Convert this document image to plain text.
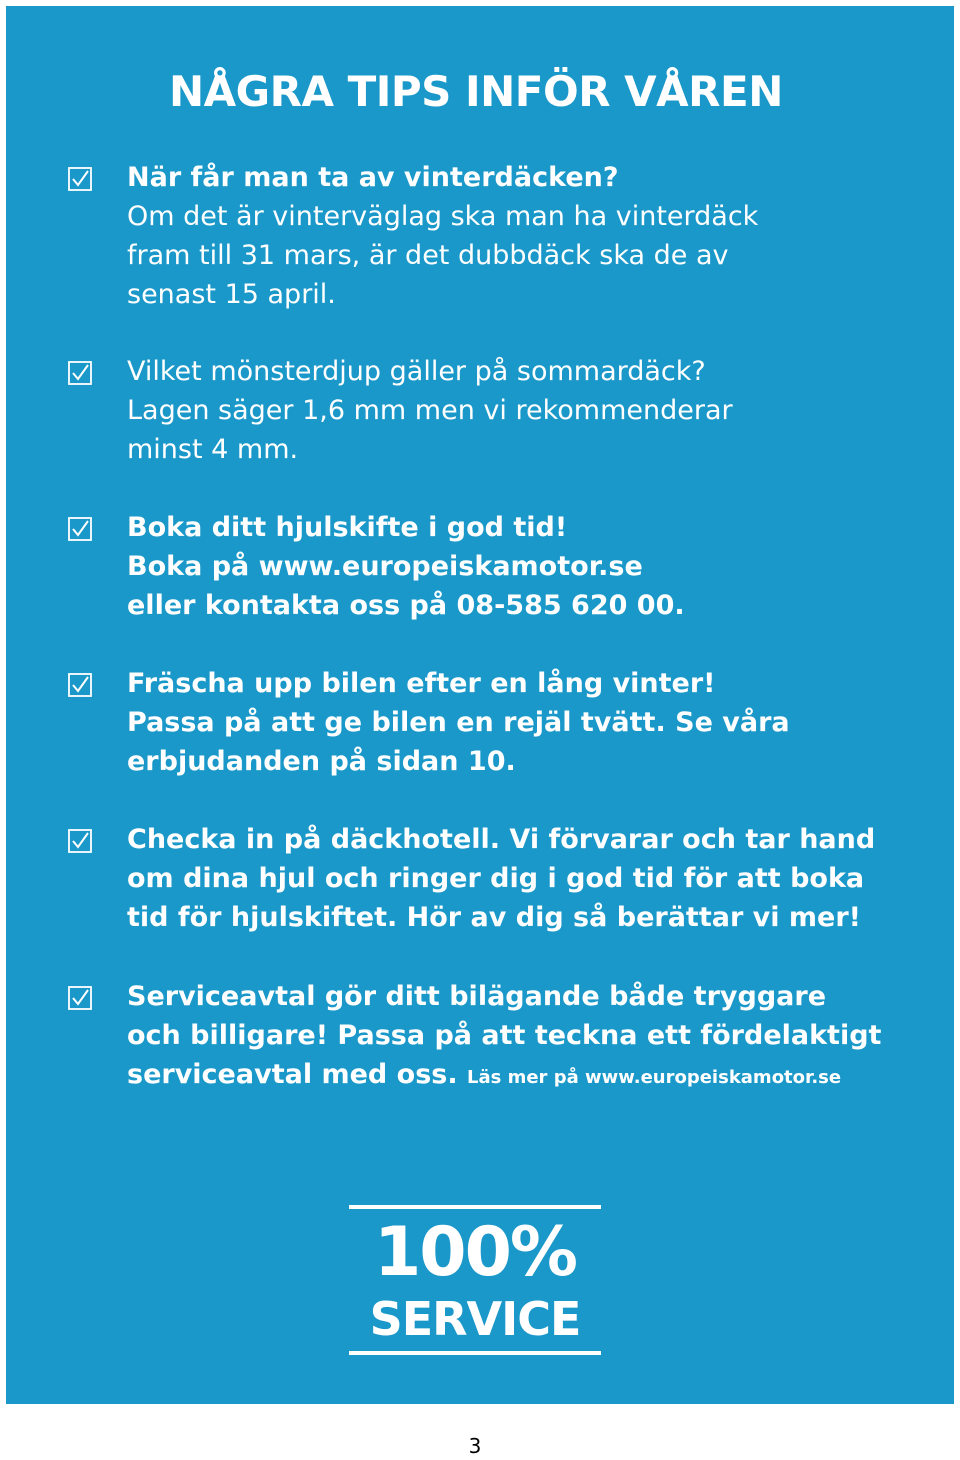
NÅGRA TIPS INFÖR VÅREN
När får man ta av vinterdäcken?
Om det är vinterväglag ska man ha vinterdäck
fram till 31 mars, är det dubbdäck ska de av
senast 15 april.
Vilket mönsterdjup gäller på sommardäck?
Lagen säger 1,6 mm men vi rekommenderar
minst 4 mm.
Boka ditt hjulskifte i god tid!
Boka på www.europeiskamotor.se
eller kontakta oss på 08-585 620 00.
Fräscha upp bilen efter en lång vinter!
Passa på att ge bilen en rejäl tvätt. Se våra
erbjudanden på sidan 10.
Checka in på däckhotell. Vi förvarar och tar hand
om dina hjul och ringer dig i god tid för att boka
tid för hjulskiftet. Hör av dig så berättar vi mer!
Serviceavtal gör ditt bilägande både tryggare
och billigare! Passa på att teckna ett fördelaktigt
serviceavtal med oss. Läs mer på www.europeiskamotor.se
100%
SERVICE
3
